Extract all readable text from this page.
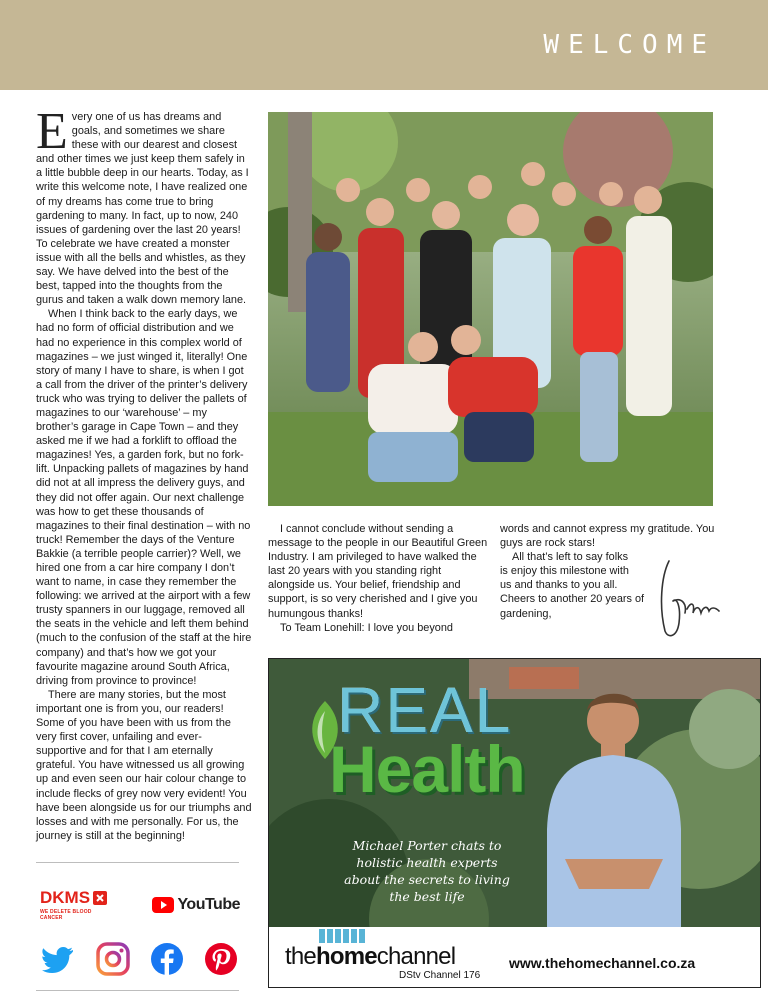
WELCOME

Every one of us has dreams and goals, and sometimes we share these with our dearest and closest and other times we just keep them safely in a little bubble deep in our hearts. Today, as I write this welcome note, I have realized one of my dreams has come true to bring gardening to many. In fact, up to now, 240 issues of gardening over the last 20 years! To celebrate we have created a monster issue with all the bells and whistles, as they say. We have delved into the best of the best, tapped into the thoughts from the gurus and taken a walk down memory lane.

When I think back to the early days, we had no form of official distribution and we had no experience in this complex world of magazines – we just winged it, literally! One story of many I have to share, is when I got a call from the driver of the printer’s delivery truck who was trying to deliver the pallets of magazines to our ‘warehouse’ – my brother’s garage in Cape Town – and they asked me if we had a forklift to offload the magazines! Yes, a garden fork, but no fork-lift. Unpacking pallets of magazines by hand did not at all impress the delivery guys, and they did not offer again. Our next challenge was how to get these thousands of magazines to their final destination – with no truck! Remember the days of the Venture Bakkie (a terrible people carrier)? Well, we hired one from a car hire company I don’t want to name, in case they remember the following: we arrived at the airport with a few trusty spanners in our luggage, removed all the seats in the vehicle and left them behind (much to the confusion of the staff at the hire company) and that’s how we got your favourite magazine around South Africa, driving from province to province!

There are many stories, but the most important one is from you, our readers! Some of you have been with us from the very first cover, unfailing and ever-supportive and for that I am eternally grateful. You have witnessed us all growing up and even seen our hair colour change to include flecks of grey now very evident! You have been alongside us for our triumphs and losses and with me personally. For us, the journey is still at the beginning!

I cannot conclude without sending a message to the people in our Beautiful Green Industry. I am privileged to have walked the last 20 years with you standing right alongside us. Your belief, friendship and support, is so very cherished and I give you humungous thanks!

To Team Lonehill: I love you beyond

words and cannot express my gratitude. You guys are rock stars!

All that’s left to say folks is enjoy this milestone with us and thanks to you all.

Cheers to another 20 years of gardening,

DKMS
WE DELETE BLOOD CANCER
YouTube
REAL
Health
Michael Porter chats to holistic health experts about the secrets to living the best life
thehomechannel
DStv Channel 176
www.thehomechannel.co.za
